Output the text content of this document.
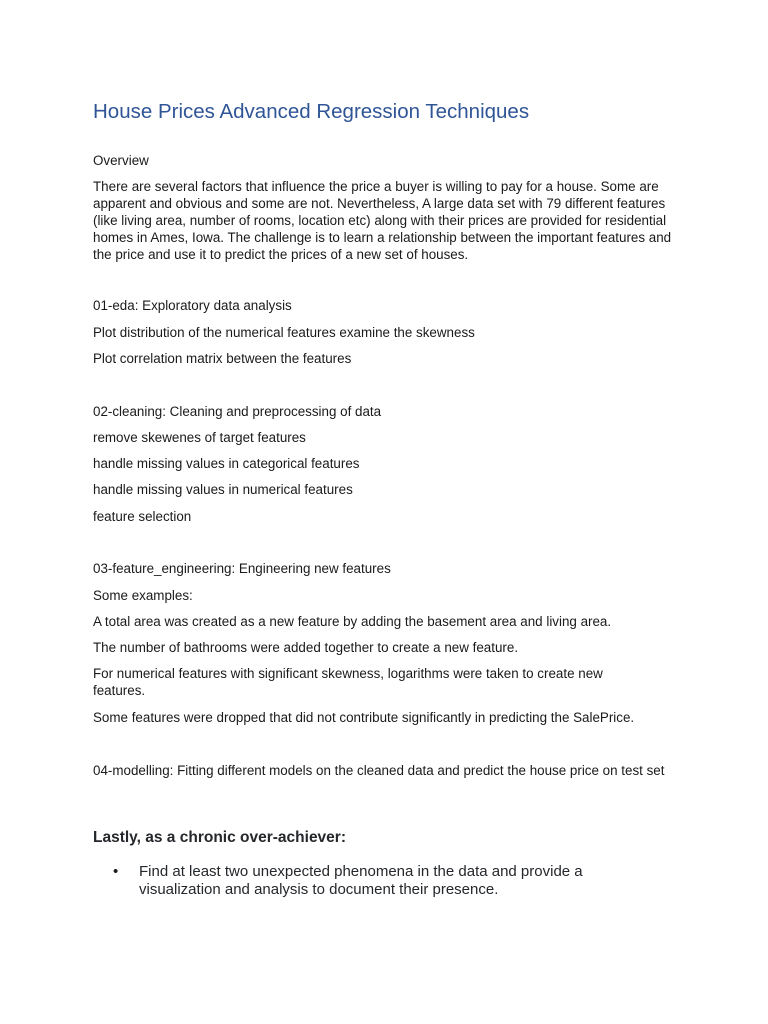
House Prices Advanced Regression Techniques

Overview

There are several factors that influence the price a buyer is willing to pay for a house. Some are apparent and obvious and some are not. Nevertheless, A large data set with 79 different features (like living area, number of rooms, location etc) along with their prices are provided for residential homes in Ames, Iowa. The challenge is to learn a relationship between the important features and the price and use it to predict the prices of a new set of houses.

01-eda: Exploratory data analysis

Plot distribution of the numerical features examine the skewness

Plot correlation matrix between the features

02-cleaning: Cleaning and preprocessing of data

remove skewenes of target features

handle missing values in categorical features

handle missing values in numerical features

feature selection

03-feature_engineering: Engineering new features

Some examples:

A total area was created as a new feature by adding the basement area and living area.

The number of bathrooms were added together to create a new feature.

For numerical features with significant skewness, logarithms were taken to create new features.

Some features were dropped that did not contribute significantly in predicting the SalePrice.

04-modelling: Fitting different models on the cleaned data and predict the house price on test set

Lastly, as a chronic over-achiever:

• Find at least two unexpected phenomena in the data and provide a visualization and analysis to document their presence.
